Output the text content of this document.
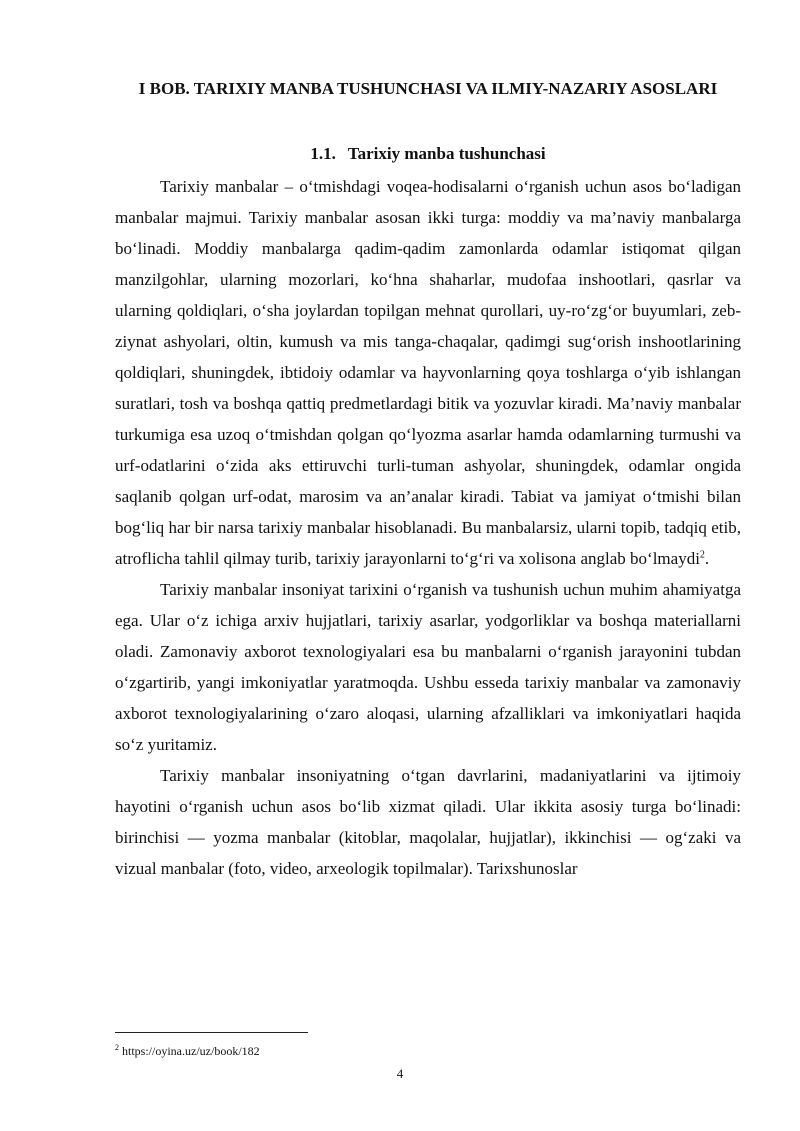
I BOB. TARIXIY MANBA TUSHUNCHASI VA ILMIY-NAZARIY ASOSLARI
1.1. Tarixiy manba tushunchasi

Tarixiy manbalar – o‘tmishdagi voqea-hodisalarni o‘rganish uchun asos bo‘ladigan manbalar majmui. Tarixiy manbalar asosan ikki turga: moddiy va ma’naviy manbalarga bo‘linadi. Moddiy manbalarga qadim-qadim zamonlarda odamlar istiqomat qilgan manzilgohlar, ularning mozorlari, ko‘hna shaharlar, mudofaa inshootlari, qasrlar va ularning qoldiqlari, o‘sha joylardan topilgan mehnat qurollari, uy-ro‘zg‘or buyumlari, zeb-ziynat ashyolari, oltin, kumush va mis tanga-chaqalar, qadimgi sug‘orish inshootlarining qoldiqlari, shuningdek, ibtidoiy odamlar va hayvonlarning qoya toshlarga o‘yib ishlangan suratlari, tosh va boshqa qattiq predmetlardagi bitik va yozuvlar kiradi. Ma’naviy manbalar turkumiga esa uzoq o‘tmishdan qolgan qo‘lyozma asarlar hamda odamlarning turmushi va urf-odatlarini o‘zida aks ettiruvchi turli-tuman ashyolar, shuningdek, odamlar ongida saqlanib qolgan urf-odat, marosim va an’analar kiradi. Tabiat va jamiyat o‘tmishi bilan bog‘liq har bir narsa tarixiy manbalar hisoblanadi. Bu manbalarsiz, ularni topib, tadqiq etib, atroflicha tahlil qilmay turib, tarixiy jarayonlarni to‘g‘ri va xolisona anglab bo‘lmaydi$^2$.

Tarixiy manbalar insoniyat tarixini o‘rganish va tushunish uchun muhim ahamiyatga ega. Ular o‘z ichiga arxiv hujjatlari, tarixiy asarlar, yodgorliklar va boshqa materiallarni oladi. Zamonaviy axborot texnologiyalari esa bu manbalarni o‘rganish jarayonini tubdan o‘zgartirib, yangi imkoniyatlar yaratmoqda. Ushbu esseda tarixiy manbalar va zamonaviy axborot texnologiyalarining o‘zaro aloqasi, ularning afzalliklari va imkoniyatlari haqida so‘z yuritamiz.

Tarixiy manbalar insoniyatning o‘tgan davrlarini, madaniyatlarini va ijtimoiy hayotini o‘rganish uchun asos bo‘lib xizmat qiladi. Ular ikkita asosiy turga bo‘linadi: birinchisi — yozma manbalar (kitoblar, maqolalar, hujjatlar), ikkinchisi — og‘zaki va vizual manbalar (foto, video, arxeologik topilmalar). Tarixshunoslar

$^2$ https://oyina.uz/uz/book/182
4
